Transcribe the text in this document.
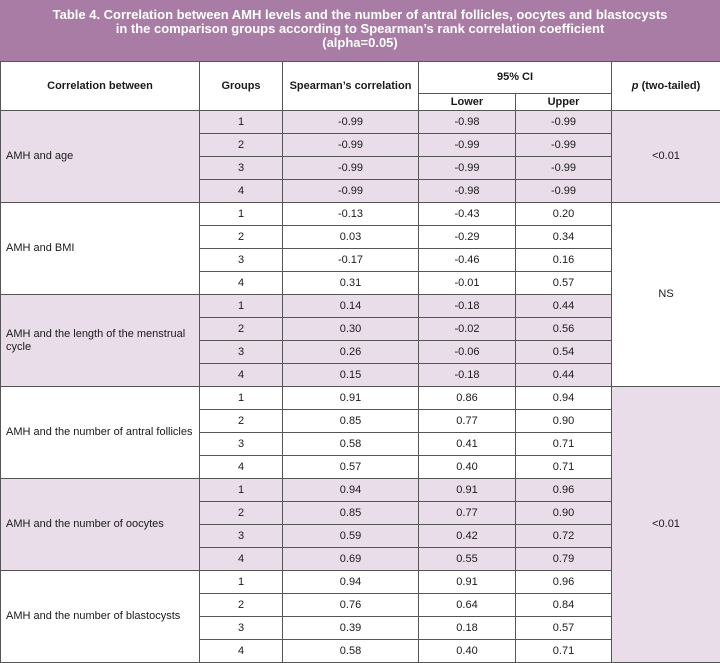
Table 4. Correlation between AMH levels and the number of antral follicles, oocytes and blastocysts
in the comparison groups according to Spearman’s rank correlation coefficient
(alpha=0.05)
Correlation between	Groups	Spearman’s correlation	95% CI		p (two-tailed)
			Lower	Upper	
AMH and age	1	-0.99	-0.98	-0.99	<0.01
	2	-0.99	-0.99	-0.99	
	3	-0.99	-0.99	-0.99	
	4	-0.99	-0.98	-0.99	
AMH and BMI	1	-0.13	-0.43	0.20	NS
	2	0.03	-0.29	0.34	
	3	-0.17	-0.46	0.16	
	4	0.31	-0.01	0.57	
AMH and the length of the menstrual cycle	1	0.14	-0.18	0.44	
	2	0.30	-0.02	0.56	
	3	0.26	-0.06	0.54	
	4	0.15	-0.18	0.44	
AMH and the number of antral follicles	1	0.91	0.86	0.94	<0.01
	2	0.85	0.77	0.90	
	3	0.58	0.41	0.71	
	4	0.57	0.40	0.71	
AMH and the number of oocytes	1	0.94	0.91	0.96	
	2	0.85	0.77	0.90	
	3	0.59	0.42	0.72	
	4	0.69	0.55	0.79	
AMH and the number of blastocysts	1	0.94	0.91	0.96	
	2	0.76	0.64	0.84	
	3	0.39	0.18	0.57	
	4	0.58	0.40	0.71	
